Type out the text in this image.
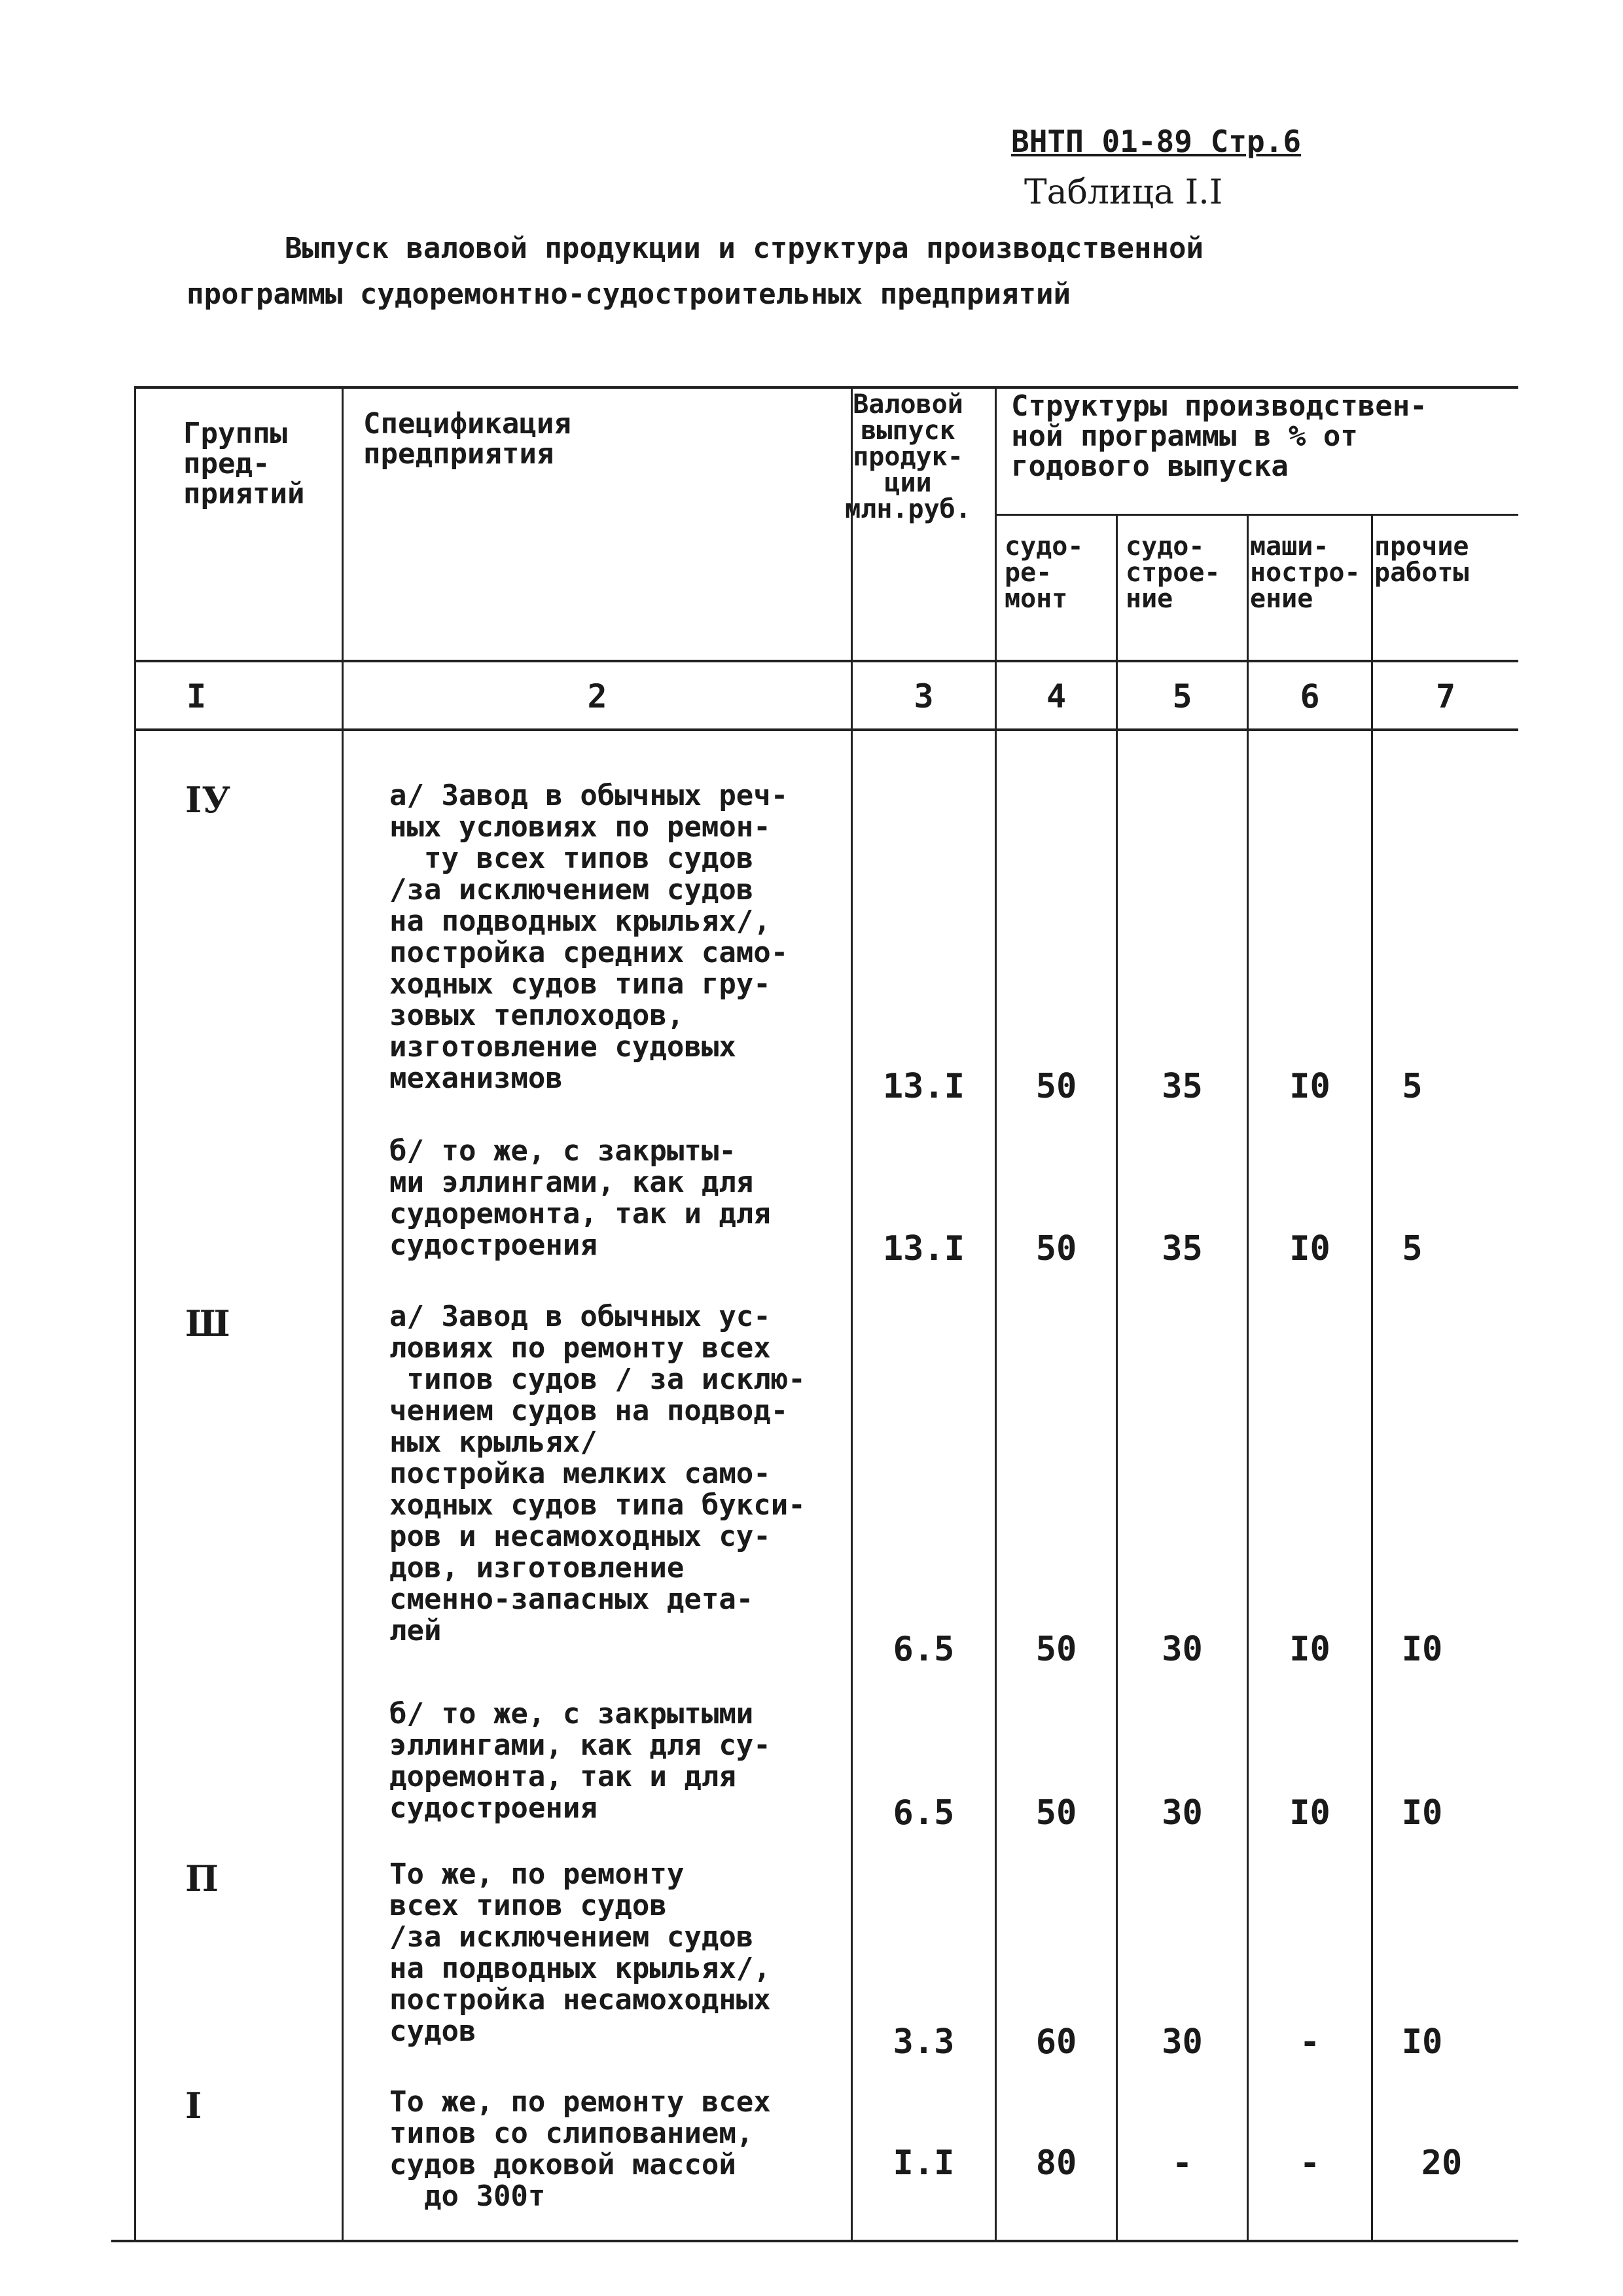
ВНТП 01-89 Стр.6
Таблица I.I
Выпуск валовой продукции и структура производственной
программы судоремонтно-судостроительных предприятий
Группы
пред-
приятий
Спецификация
предприятия
Валовой
выпуск
продук-
ции
млн.руб.
Структуры производствен-
ной программы в % от
годового выпуска
судо-
ре-
монт
судо-
строе-
ние
маши-
ностро-
ение
прочие
работы
I	2	3	4	5	6	7
IУ	а/ Завод в обычных реч-
ных условиях по ремон-
ту всех типов судов
/за исключением судов
на подводных крыльях/,
постройка средних само-
ходных судов типа гру-
зовых теплоходов,
изготовление судовых
механизмов	13.I	50	35	I0	5
б/ то же, с закрыты-
ми эллингами, как для
судоремонта, так и для
судостроения	13.I	50	35	I0	5
Ш	а/ Завод в обычных ус-
ловиях по ремонту всех
типов судов / за исклю-
чением судов на подвод-
ных крыльях/
постройка мелких само-
ходных судов типа букси-
ров и несамоходных су-
дов, изготовление
сменно-запасных дета-
лей	6.5	50	30	I0	I0
б/ то же, с закрытыми
эллингами, как для су-
доремонта, так и для
судостроения	6.5	50	30	I0	I0
П	То же, по ремонту
всех типов судов
/за исключением судов
на подводных крыльях/,
постройка несамоходных
судов	3.3	60	30	-	I0
I	То же, по ремонту всех
типов со слипованием,
судов доковой массой
до 300т
I.I	80	-	-	20
